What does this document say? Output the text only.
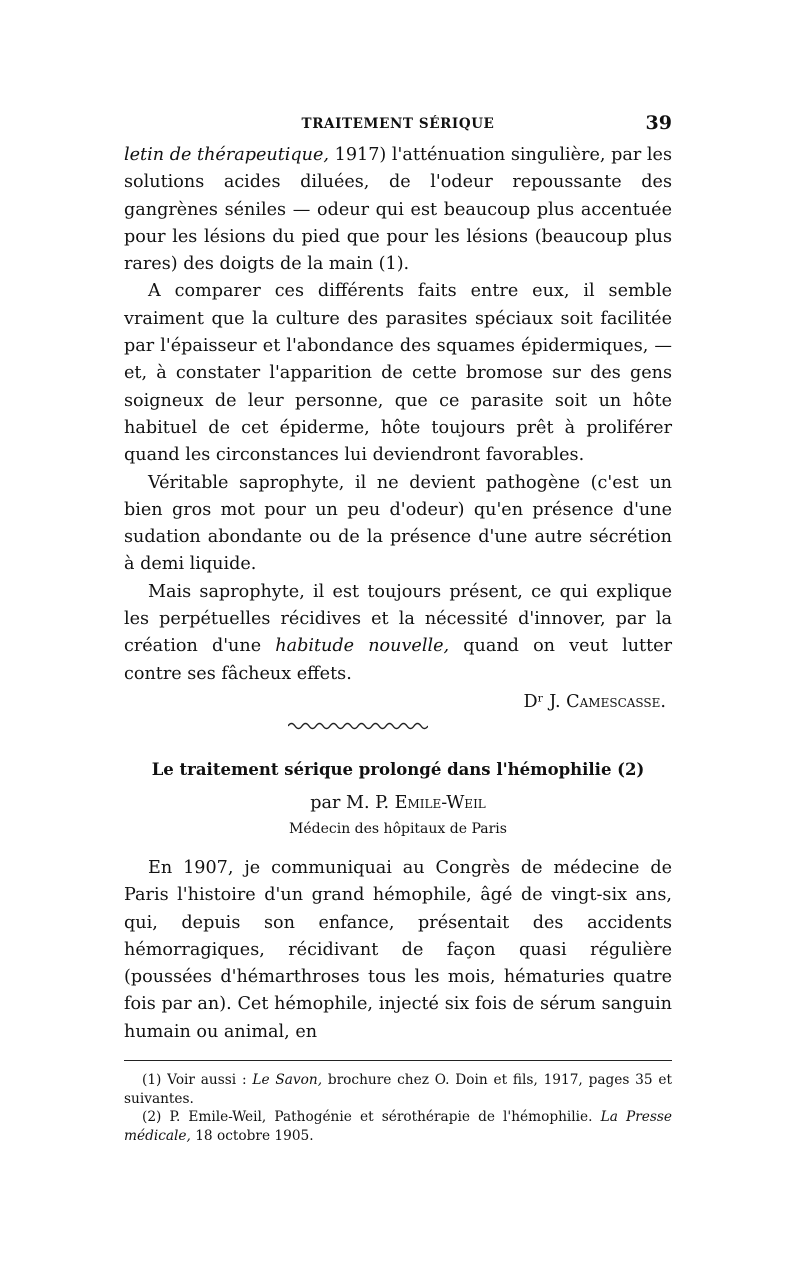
TRAITEMENT SÉRIQUE	39

letin de thérapeutique, 1917) l'atténuation singulière, par les solutions acides diluées, de l'odeur repoussante des gangrènes séniles — odeur qui est beaucoup plus accentuée pour les lésions du pied que pour les lésions (beaucoup plus rares) des doigts de la main (1).

A comparer ces différents faits entre eux, il semble vraiment que la culture des parasites spéciaux soit facilitée par l'épaisseur et l'abondance des squames épidermiques, — et, à constater l'apparition de cette bromose sur des gens soigneux de leur personne, que ce parasite soit un hôte habituel de cet épiderme, hôte toujours prêt à proliférer quand les circonstances lui deviendront favorables.

Véritable saprophyte, il ne devient pathogène (c'est un bien gros mot pour un peu d'odeur) qu'en présence d'une sudation abondante ou de la présence d'une autre sécrétion à demi liquide.

Mais saprophyte, il est toujours présent, ce qui explique les perpétuelles récidives et la nécessité d'innover, par la création d'une habitude nouvelle, quand on veut lutter contre ses fâcheux effets.

Dʳ J. Camescasse.
Le traitement sérique prolongé dans l'hémophilie (2)
par M. P. Emile-Weil
Médecin des hôpitaux de Paris

En 1907, je communiquai au Congrès de médecine de Paris l'histoire d'un grand hémophile, âgé de vingt-six ans, qui, depuis son enfance, présentait des accidents hémorragiques, récidivant de façon quasi régulière (poussées d'hémarthroses tous les mois, hématuries quatre fois par an). Cet hémophile, injecté six fois de sérum sanguin humain ou animal, en

(1) Voir aussi : Le Savon, brochure chez O. Doin et fils, 1917, pages 35 et suivantes.

(2) P. Emile-Weil, Pathogénie et sérothérapie de l'hémophilie. La Presse médicale, 18 octobre 1905.
